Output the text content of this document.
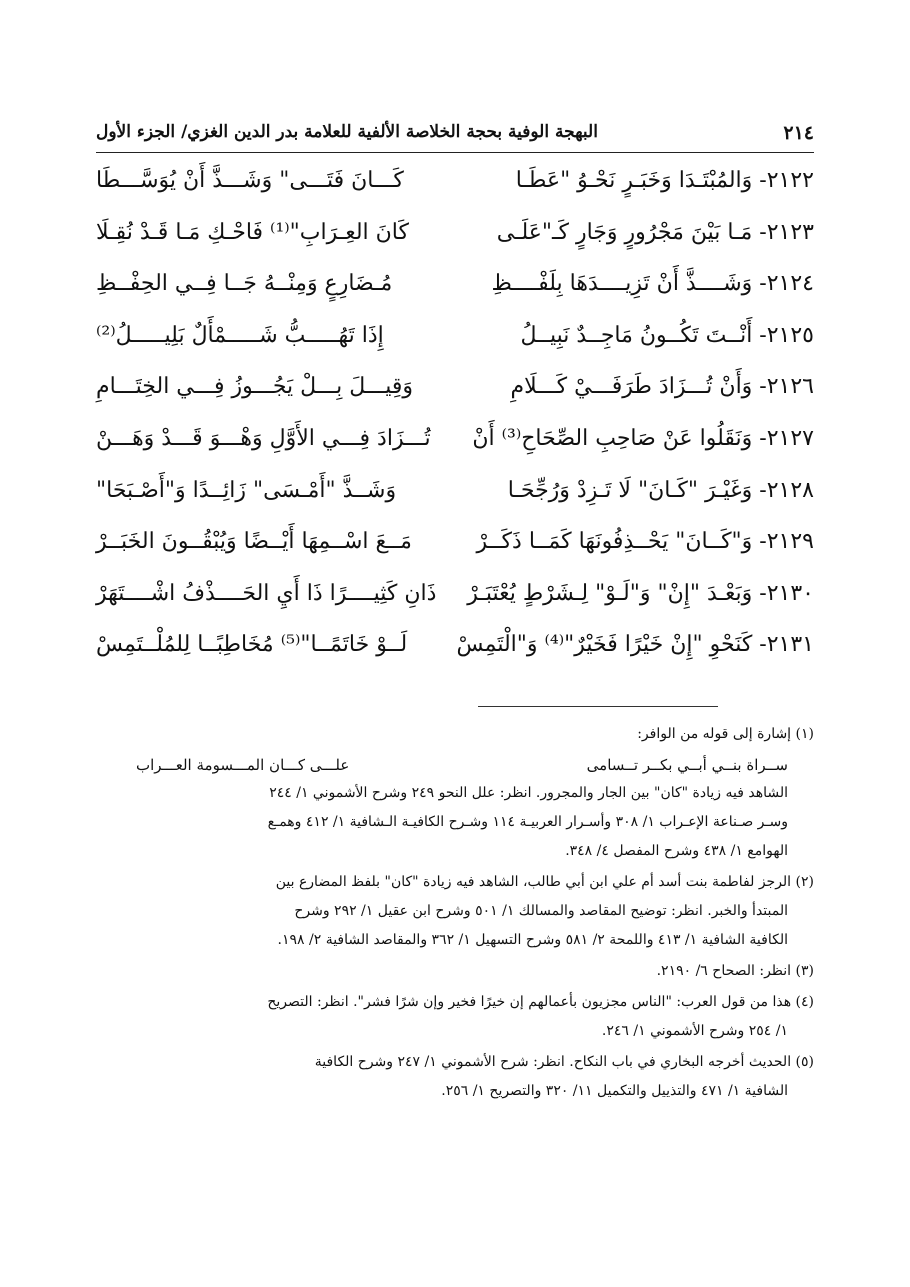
٢١٤
البهجة الوفية بحجة الخلاصة الألفية للعلامة بدر الدين الغزي/ الجزء الأول
٢١٢٢- وَالمُبْتَـدَا وَخَبَـرٍ نَحْـوُ "عَطَـا
كَـــانَ فَتَـــى" وَشَـــذَّ أَنْ يُوَسَّـــطَا
٢١٢٣- مَـا بَيْنَ مَجْرُورٍ وَجَارٍ كَـ"عَلَـى
كَانَ العِـرَابِ"⁽¹⁾ فَاحْـكِ مَـا قَـدْ نُقِـلَا
٢١٢٤- وَشَــــذَّ أَنْ تَزِيــــدَهَا بِلَفْــــظِ
مُـضَارِعٍ وَمِنْــهُ جَــا فِــي الحِفْــظِ
٢١٢٥- أَنْــتَ تَكُــونُ مَاجِــدٌ نَبِيــلُ
إِذَا تَهُـــــبُّ شَـــــمْأَلٌ بَلِيـــــلُ⁽²⁾
٢١٢٦- وَأَنْ تُـــزَادَ طَرَفَـــيْ كَـــلَامِ
وَقِيـــلَ بِـــلْ يَجُـــوزُ فِـــي الخِتَـــامِ
٢١٢٧- وَنَقَلُوا عَنْ صَاحِبِ الصِّحَاحِ⁽³⁾ أَنْ
تُـــزَادَ فِـــي الأَوَّلِ وَهْـــوَ قَـــدْ وَهَـــنْ
٢١٢٨- وَغَيْـرَ "كَـانَ" لَا تَـزِدْ وَرُجِّحَـا
وَشَــذَّ "أَمْـسَى" زَائِــدًا وَ"أَصْـبَحَا"
٢١٢٩- وَ"كَــانَ" يَحْــذِفُونَهَا كَمَــا ذَكَــرْ
مَــعَ اسْــمِهَا أَيْــضًا وَيُبْقُــونَ الخَبَــرْ
٢١٣٠- وَبَعْـدَ "إِنْ" وَ"لَـوْ" لِـشَرْطٍ يُعْتَبَـرْ
ذَانِ كَثِيــــرًا ذَا أَيِ الحَــــذْفُ اشْــــتَهَرْ
٢١٣١- كَنَحْوِ "إِنْ خَيْرًا فَخَيْرٌ"⁽⁴⁾ وَ"الْتَمِسْ
لَــوْ خَاتَمًــا"⁽⁵⁾ مُخَاطِبًــا لِلمُلْــتَمِسْ
(١) إشارة إلى قوله من الوافر:
ســراة بنــي أبــي بكــر تــسامى
علـــى كـــان المـــسومة العـــراب
الشاهد فيه زيادة "كان" بين الجار والمجرور. انظر: علل النحو ٢٤٩ وشرح الأشموني ١/ ٢٤٤
وسـر صـناعة الإعـراب ١/ ٣٠٨ وأسـرار العربيـة ١١٤ وشـرح الكافيـة الـشافية ١/ ٤١٢ وهمـع
الهوامع ١/ ٤٣٨ وشرح المفصل ٤/ ٣٤٨.
(٢) الرجز لفاطمة بنت أسد أم علي ابن أبي طالب، الشاهد فيه زيادة "كان" بلفظ المضارع بين
المبتدأ والخبر. انظر: توضيح المقاصد والمسالك ١/ ٥٠١ وشرح ابن عقيل ١/ ٢٩٢ وشرح
الكافية الشافية ١/ ٤١٣ واللمحة ٢/ ٥٨١ وشرح التسهيل ١/ ٣٦٢ والمقاصد الشافية ٢/ ١٩٨.
(٣) انظر: الصحاح ٦/ ٢١٩٠.
(٤) هذا من قول العرب: "الناس مجزيون بأعمالهم إن خيرًا فخير وإن شرًا فشر". انظر: التصريح
١/ ٢٥٤ وشرح الأشموني ١/ ٢٤٦.
(٥) الحديث أخرجه البخاري في باب النكاح. انظر: شرح الأشموني ١/ ٢٤٧ وشرح الكافية
الشافية ١/ ٤٧١ والتذييل والتكميل ١١/ ٣٢٠ والتصريح ١/ ٢٥٦.
